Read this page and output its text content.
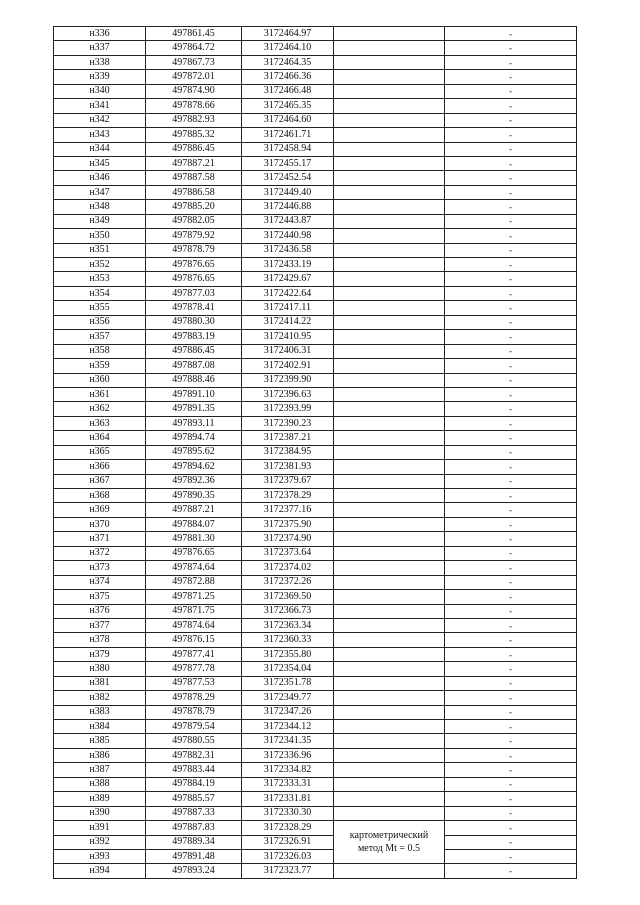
н336	497861.45	3172464.97		-
н337	497864.72	3172464.10		-
н338	497867.73	3172464.35		-
н339	497872.01	3172466.36		-
н340	497874.90	3172466.48		-
н341	497878.66	3172465.35		-
н342	497882.93	3172464.60		-
н343	497885.32	3172461.71		-
н344	497886.45	3172458.94		-
н345	497887.21	3172455.17		-
н346	497887.58	3172452.54		-
н347	497886.58	3172449.40		-
н348	497885.20	3172446.88		-
н349	497882.05	3172443.87		-
н350	497879.92	3172440.98		-
н351	497878.79	3172436.58		-
н352	497876.65	3172433.19		-
н353	497876.65	3172429.67		-
н354	497877.03	3172422.64		-
н355	497878.41	3172417.11		-
н356	497880.30	3172414.22		-
н357	497883.19	3172410.95		-
н358	497886.45	3172406.31		-
н359	497887.08	3172402.91		-
н360	497888.46	3172399.90		-
н361	497891.10	3172396.63		-
н362	497891.35	3172393.99		-
н363	497893.11	3172390.23		-
н364	497894.74	3172387.21		-
н365	497895.62	3172384.95		-
н366	497894.62	3172381.93		-
н367	497892.36	3172379.67		-
н368	497890.35	3172378.29		-
н369	497887.21	3172377.16		-
н370	497884.07	3172375.90		-
н371	497881.30	3172374.90		-
н372	497876.65	3172373.64		-
н373	497874.64	3172374.02		-
н374	497872.88	3172372.26		-
н375	497871.25	3172369.50		-
н376	497871.75	3172366.73		-
н377	497874.64	3172363.34		-
н378	497876.15	3172360.33		-
н379	497877.41	3172355.80		-
н380	497877.78	3172354.04		-
н381	497877.53	3172351.78		-
н382	497878.29	3172349.77		-
н383	497878.79	3172347.26		-
н384	497879.54	3172344.12		-
н385	497880.55	3172341.35		-
н386	497882.31	3172336.96		-
н387	497883.44	3172334.82		-
н388	497884.19	3172333.31		-
н389	497885.57	3172331.81		-
н390	497887.33	3172330.30		-
н391	497887.83	3172328.29	картометрический
метод Mt = 0.5	-
н392	497889.34	3172326.91		-
н393	497891.48	3172326.03		-
н394	497893.24	3172323.77		-
